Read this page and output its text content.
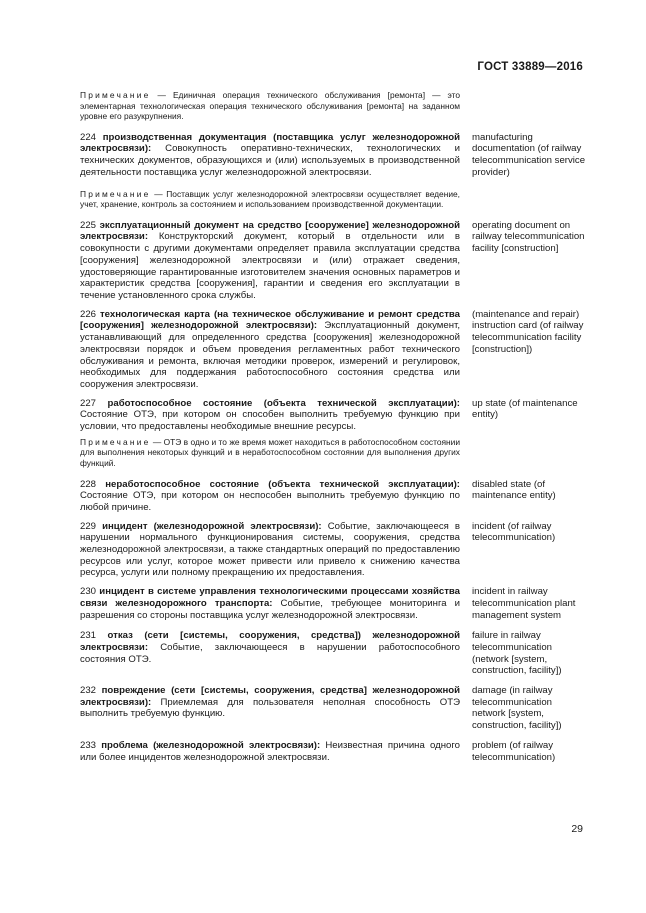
ГОСТ 33889—2016
Примечание — Единичная операция технического обслуживания [ремонта] — это элементарная технологическая операция технического обслуживания [ремонта] на заданном уровне его разукрупнения.
224 производственная документация (поставщика услуг железнодорожной электросвязи): Совокупность оперативно-технических, технологических и технических документов, образующихся и (или) используемых в производственной деятельности поставщика услуг железнодорожной электросвязи.
manufacturing documentation (of railway telecommunication service provider)
Примечание — Поставщик услуг железнодорожной электросвязи осуществляет ведение, учет, хранение, контроль за состоянием и использованием производственной документации.
225 эксплуатационный документ на средство [сооружение] железнодорожной электросвязи: Конструкторский документ, который в отдельности или в совокупности с другими документами определяет правила эксплуатации средства [сооружения] железнодорожной электросвязи и (или) отражает сведения, удостоверяющие гарантированные изготовителем значения основных параметров и характеристик средства [сооружения], гарантии и сведения его эксплуатации в течение установленного срока службы.
operating document on railway telecommunication facility [construction]
226 технологическая карта (на техническое обслуживание и ремонт средства [сооружения] железнодорожной электросвязи): Эксплуатационный документ, устанавливающий для определенного средства [сооружения] железнодорожной электросвязи порядок и объем проведения регламентных работ технического обслуживания и ремонта, включая методики проверок, измерений и регулировок, необходимых для поддержания работоспособного состояния средства или сооружения электросвязи.
(maintenance and repair) instruction card (of railway telecommunication facility [construction])
227 работоспособное состояние (объекта технической эксплуатации): Состояние ОТЭ, при котором он способен выполнить требуемую функцию при условии, что предоставлены необходимые внешние ресурсы.
up state (of maintenance entity)
Примечание — ОТЭ в одно и то же время может находиться в работоспособном состоянии для выполнения некоторых функций и в неработоспособном состоянии для выполнения других функций.
228 неработоспособное состояние (объекта технической эксплуатации): Состояние ОТЭ, при котором он неспособен выполнить требуемую функцию по любой причине.
disabled state (of maintenance entity)
229 инцидент (железнодорожной электросвязи): Событие, заключающееся в нарушении нормального функционирования системы, сооружения, средства железнодорожной электросвязи, а также стандартных операций по предоставлению ресурсов или услуг, которое может привести или привело к снижению качества ресурса, услуги или полному прекращению их предоставления.
incident (of railway telecommunication)
230 инцидент в системе управления технологическими процессами хозяйства связи железнодорожного транспорта: Событие, требующее мониторинга и разрешения со стороны поставщика услуг железнодорожной электросвязи.
incident in railway telecommunication plant management system
231 отказ (сети [системы, сооружения, средства]) железнодорожной электросвязи: Событие, заключающееся в нарушении работоспособного состояния ОТЭ.
failure in railway telecommunication (network [system, construction, facility])
232 повреждение (сети [системы, сооружения, средства] железнодорожной электросвязи): Приемлемая для пользователя неполная способность ОТЭ выполнить требуемую функцию.
damage (in railway telecommunication network [system, construction, facility])
233 проблема (железнодорожной электросвязи): Неизвестная причина одного или более инцидентов железнодорожной электросвязи.
problem (of railway telecommunication)
29
